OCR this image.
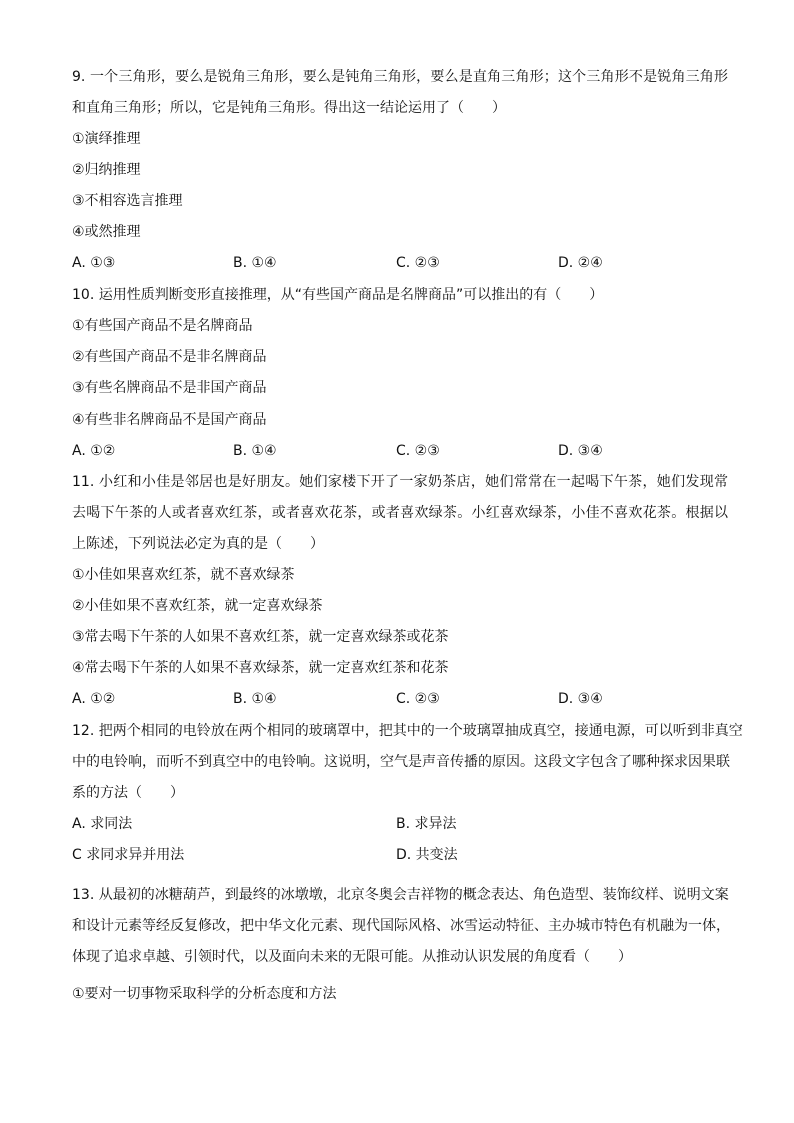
9. 一个三角形，要么是锐角三角形，要么是钝角三角形，要么是直角三角形；这个三角形不是锐角三角形
和直角三角形；所以，它是钝角三角形。得出这一结论运用了（　　）
①演绎推理
②归纳推理
③不相容选言推理
④或然推理
A. ①③	B. ①④	C. ②③	D. ②④
10. 运用性质判断变形直接推理，从“有些国产商品是名牌商品”可以推出的有（　　）
①有些国产商品不是名牌商品
②有些国产商品不是非名牌商品
③有些名牌商品不是非国产商品
④有些非名牌商品不是国产商品
A. ①②	B. ①④	C. ②③	D. ③④
11. 小红和小佳是邻居也是好朋友。她们家楼下开了一家奶茶店，她们常常在一起喝下午茶，她们发现常
去喝下午茶的人或者喜欢红茶，或者喜欢花茶，或者喜欢绿茶。小红喜欢绿茶，小佳不喜欢花茶。根据以
上陈述，下列说法必定为真的是（　　）
①小佳如果喜欢红茶，就不喜欢绿茶
②小佳如果不喜欢红茶，就一定喜欢绿茶
③常去喝下午茶的人如果不喜欢红茶，就一定喜欢绿茶或花茶
④常去喝下午茶的人如果不喜欢绿茶，就一定喜欢红茶和花茶
A. ①②	B. ①④	C. ②③	D. ③④
12. 把两个相同的电铃放在两个相同的玻璃罩中，把其中的一个玻璃罩抽成真空，接通电源，可以听到非真空
中的电铃响，而听不到真空中的电铃响。这说明，空气是声音传播的原因。这段文字包含了哪种探求因果联
系的方法（　　）
A. 求同法	B. 求异法
C 求同求异并用法	D. 共变法
13. 从最初的冰糖葫芦，到最终的冰墩墩，北京冬奥会吉祥物的概念表达、角色造型、装饰纹样、说明文案
和设计元素等经反复修改，把中华文化元素、现代国际风格、冰雪运动特征、主办城市特色有机融为一体，
体现了追求卓越、引领时代，以及面向未来的无限可能。从推动认识发展的角度看（　　）
①要对一切事物采取科学的分析态度和方法
